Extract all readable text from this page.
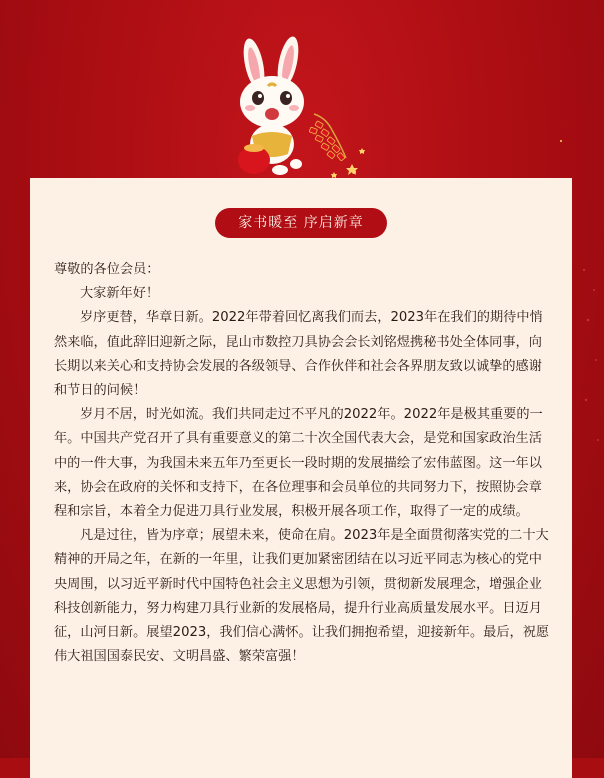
家书暖至 序启新章

尊敬的各位会员：

大家新年好！

岁序更替，华章日新。2022年带着回忆离我们而去，2023年在我们的期待中悄然来临，值此辞旧迎新之际，昆山市数控刀具协会会长刘铭煜携秘书处全体同事，向长期以来关心和支持协会发展的各级领导、合作伙伴和社会各界朋友致以诚挚的感谢和节日的问候！

岁月不居，时光如流。我们共同走过不平凡的2022年。2022年是极其重要的一年。中国共产党召开了具有重要意义的第二十次全国代表大会，是党和国家政治生活中的一件大事，为我国未来五年乃至更长一段时期的发展描绘了宏伟蓝图。这一年以来，协会在政府的关怀和支持下，在各位理事和会员单位的共同努力下，按照协会章程和宗旨，本着全力促进刀具行业发展，积极开展各项工作，取得了一定的成绩。

凡是过往，皆为序章；展望未来，使命在肩。2023年是全面贯彻落实党的二十大精神的开局之年，在新的一年里，让我们更加紧密团结在以习近平同志为核心的党中央周围，以习近平新时代中国特色社会主义思想为引领，贯彻新发展理念，增强企业科技创新能力，努力构建刀具行业新的发展格局，提升行业高质量发展水平。日迈月征，山河日新。展望2023，我们信心满怀。让我们拥抱希望，迎接新年。最后，祝愿伟大祖国国泰民安、文明昌盛、繁荣富强！
